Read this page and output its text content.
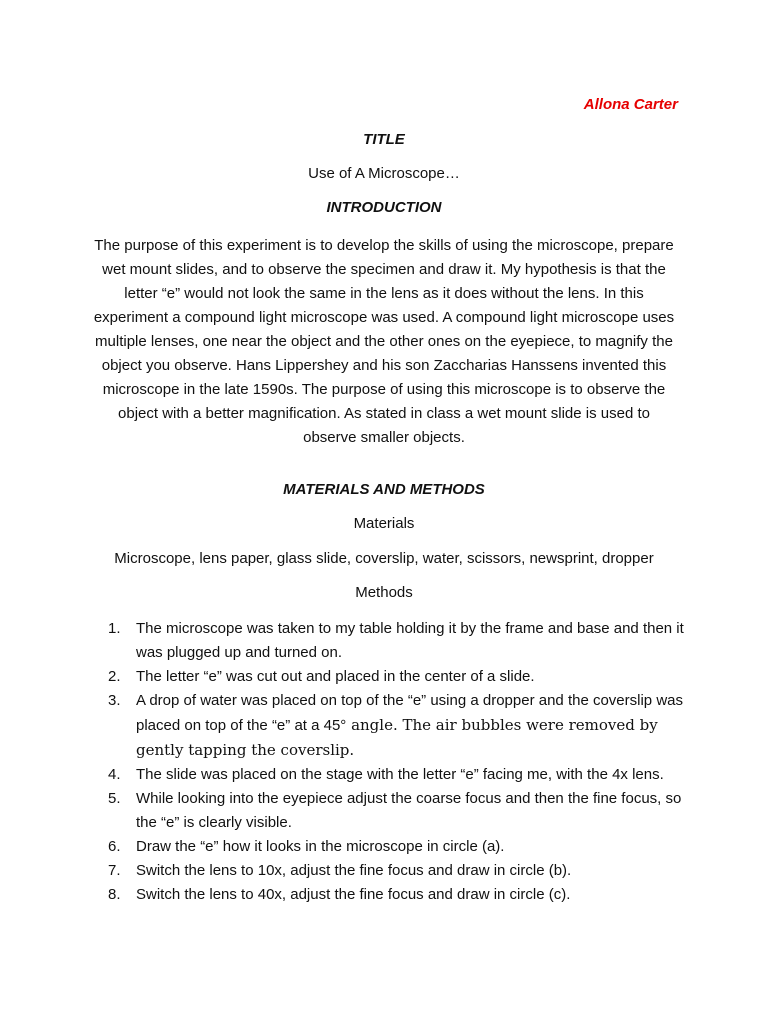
Allona Carter
TITLE
Use of A Microscope…
INTRODUCTION
The purpose of this experiment is to develop the skills of using the microscope, prepare wet mount slides, and to observe the specimen and draw it. My hypothesis is that the letter “e” would not look the same in the lens as it does without the lens. In this experiment a compound light microscope was used. A compound light microscope uses multiple lenses, one near the object and the other ones on the eyepiece, to magnify the object you observe. Hans Lippershey and his son Zaccharias Hanssens invented this microscope in the late 1590s. The purpose of using this microscope is to observe the object with a better magnification. As stated in class a wet mount slide is used to observe smaller objects.
MATERIALS AND METHODS
Materials
Microscope, lens paper, glass slide, coverslip, water, scissors, newsprint, dropper
Methods
1.	The microscope was taken to my table holding it by the frame and base and then it was plugged up and turned on.
2.	The letter “e” was cut out and placed in the center of a slide.
3.	A drop of water was placed on top of the “e” using a dropper and the coverslip was placed on top of the “e” at a 45° angle. The air bubbles were removed by gently tapping the coverslip.
4.	The slide was placed on the stage with the letter “e” facing me, with the 4x lens.
5.	While looking into the eyepiece adjust the coarse focus and then the fine focus, so the “e” is clearly visible.
6.	Draw the “e” how it looks in the microscope in circle (a).
7.	Switch the lens to 10x, adjust the fine focus and draw in circle (b).
8.	Switch the lens to 40x, adjust the fine focus and draw in circle (c).
